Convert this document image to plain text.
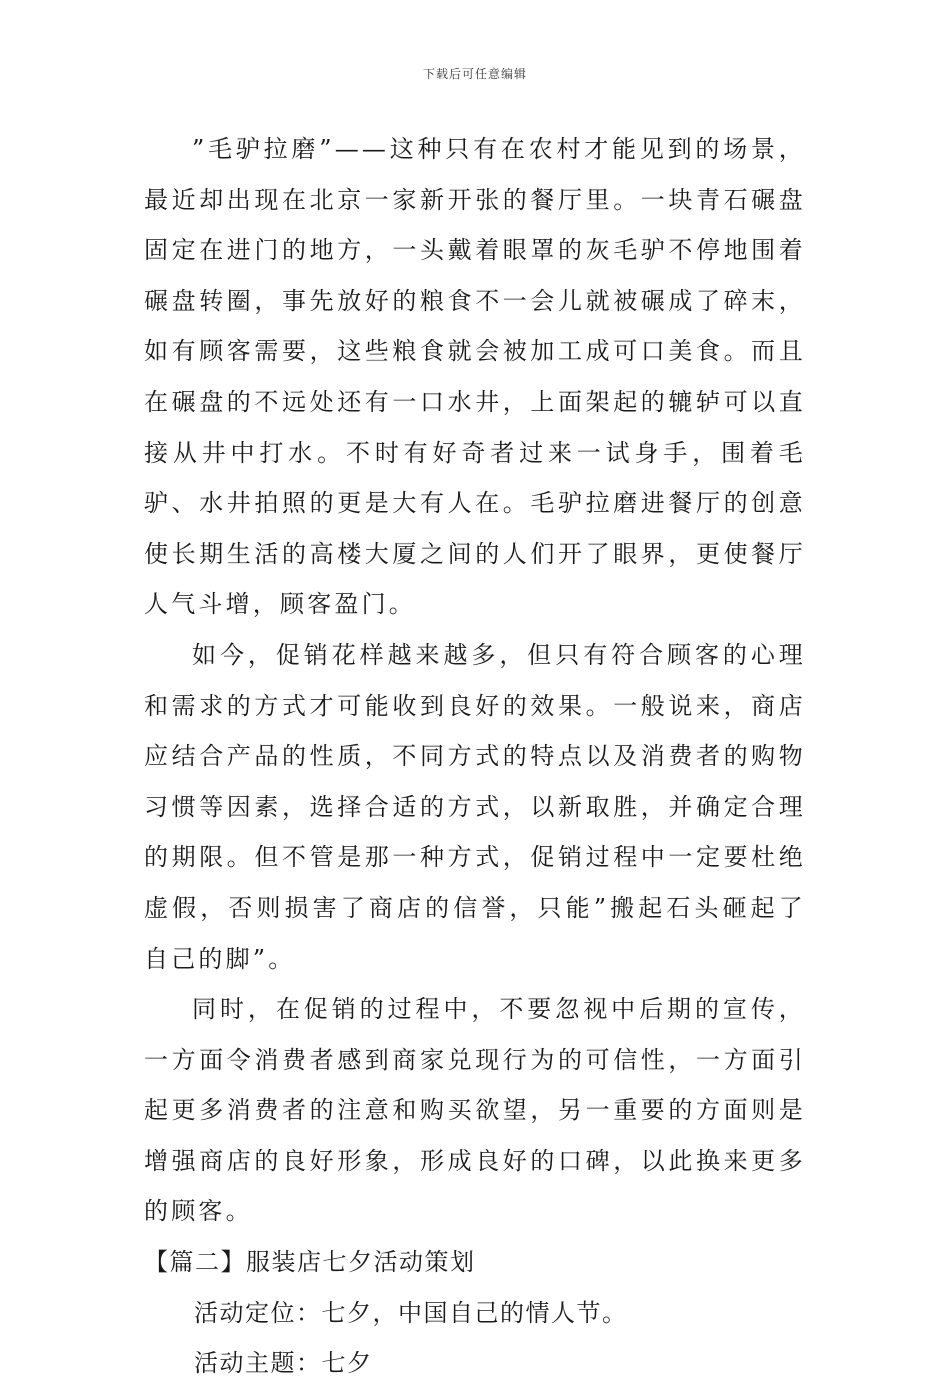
下载后可任意编辑

”毛驴拉磨”——这种只有在农村才能见到的场景，最近却出现在北京一家新开张的餐厅里。一块青石碾盘固定在进门的地方，一头戴着眼罩的灰毛驴不停地围着碾盘转圈，事先放好的粮食不一会儿就被碾成了碎末，如有顾客需要，这些粮食就会被加工成可口美食。而且在碾盘的不远处还有一口水井，上面架起的辘轳可以直接从井中打水。不时有好奇者过来一试身手，围着毛驴、水井拍照的更是大有人在。毛驴拉磨进餐厅的创意使长期生活的高楼大厦之间的人们开了眼界，更使餐厅人气斗增，顾客盈门。

如今，促销花样越来越多，但只有符合顾客的心理和需求的方式才可能收到良好的效果。一般说来，商店应结合产品的性质，不同方式的特点以及消费者的购物习惯等因素，选择合适的方式，以新取胜，并确定合理的期限。但不管是那一种方式，促销过程中一定要杜绝虚假，否则损害了商店的信誉，只能”搬起石头砸起了自己的脚”。

同时，在促销的过程中，不要忽视中后期的宣传，一方面令消费者感到商家兑现行为的可信性，一方面引起更多消费者的注意和购买欲望，另一重要的方面则是增强商店的良好形象，形成良好的口碑，以此换来更多的顾客。

【篇二】服装店七夕活动策划

活动定位：七夕，中国自己的情人节。

活动主题：七夕
